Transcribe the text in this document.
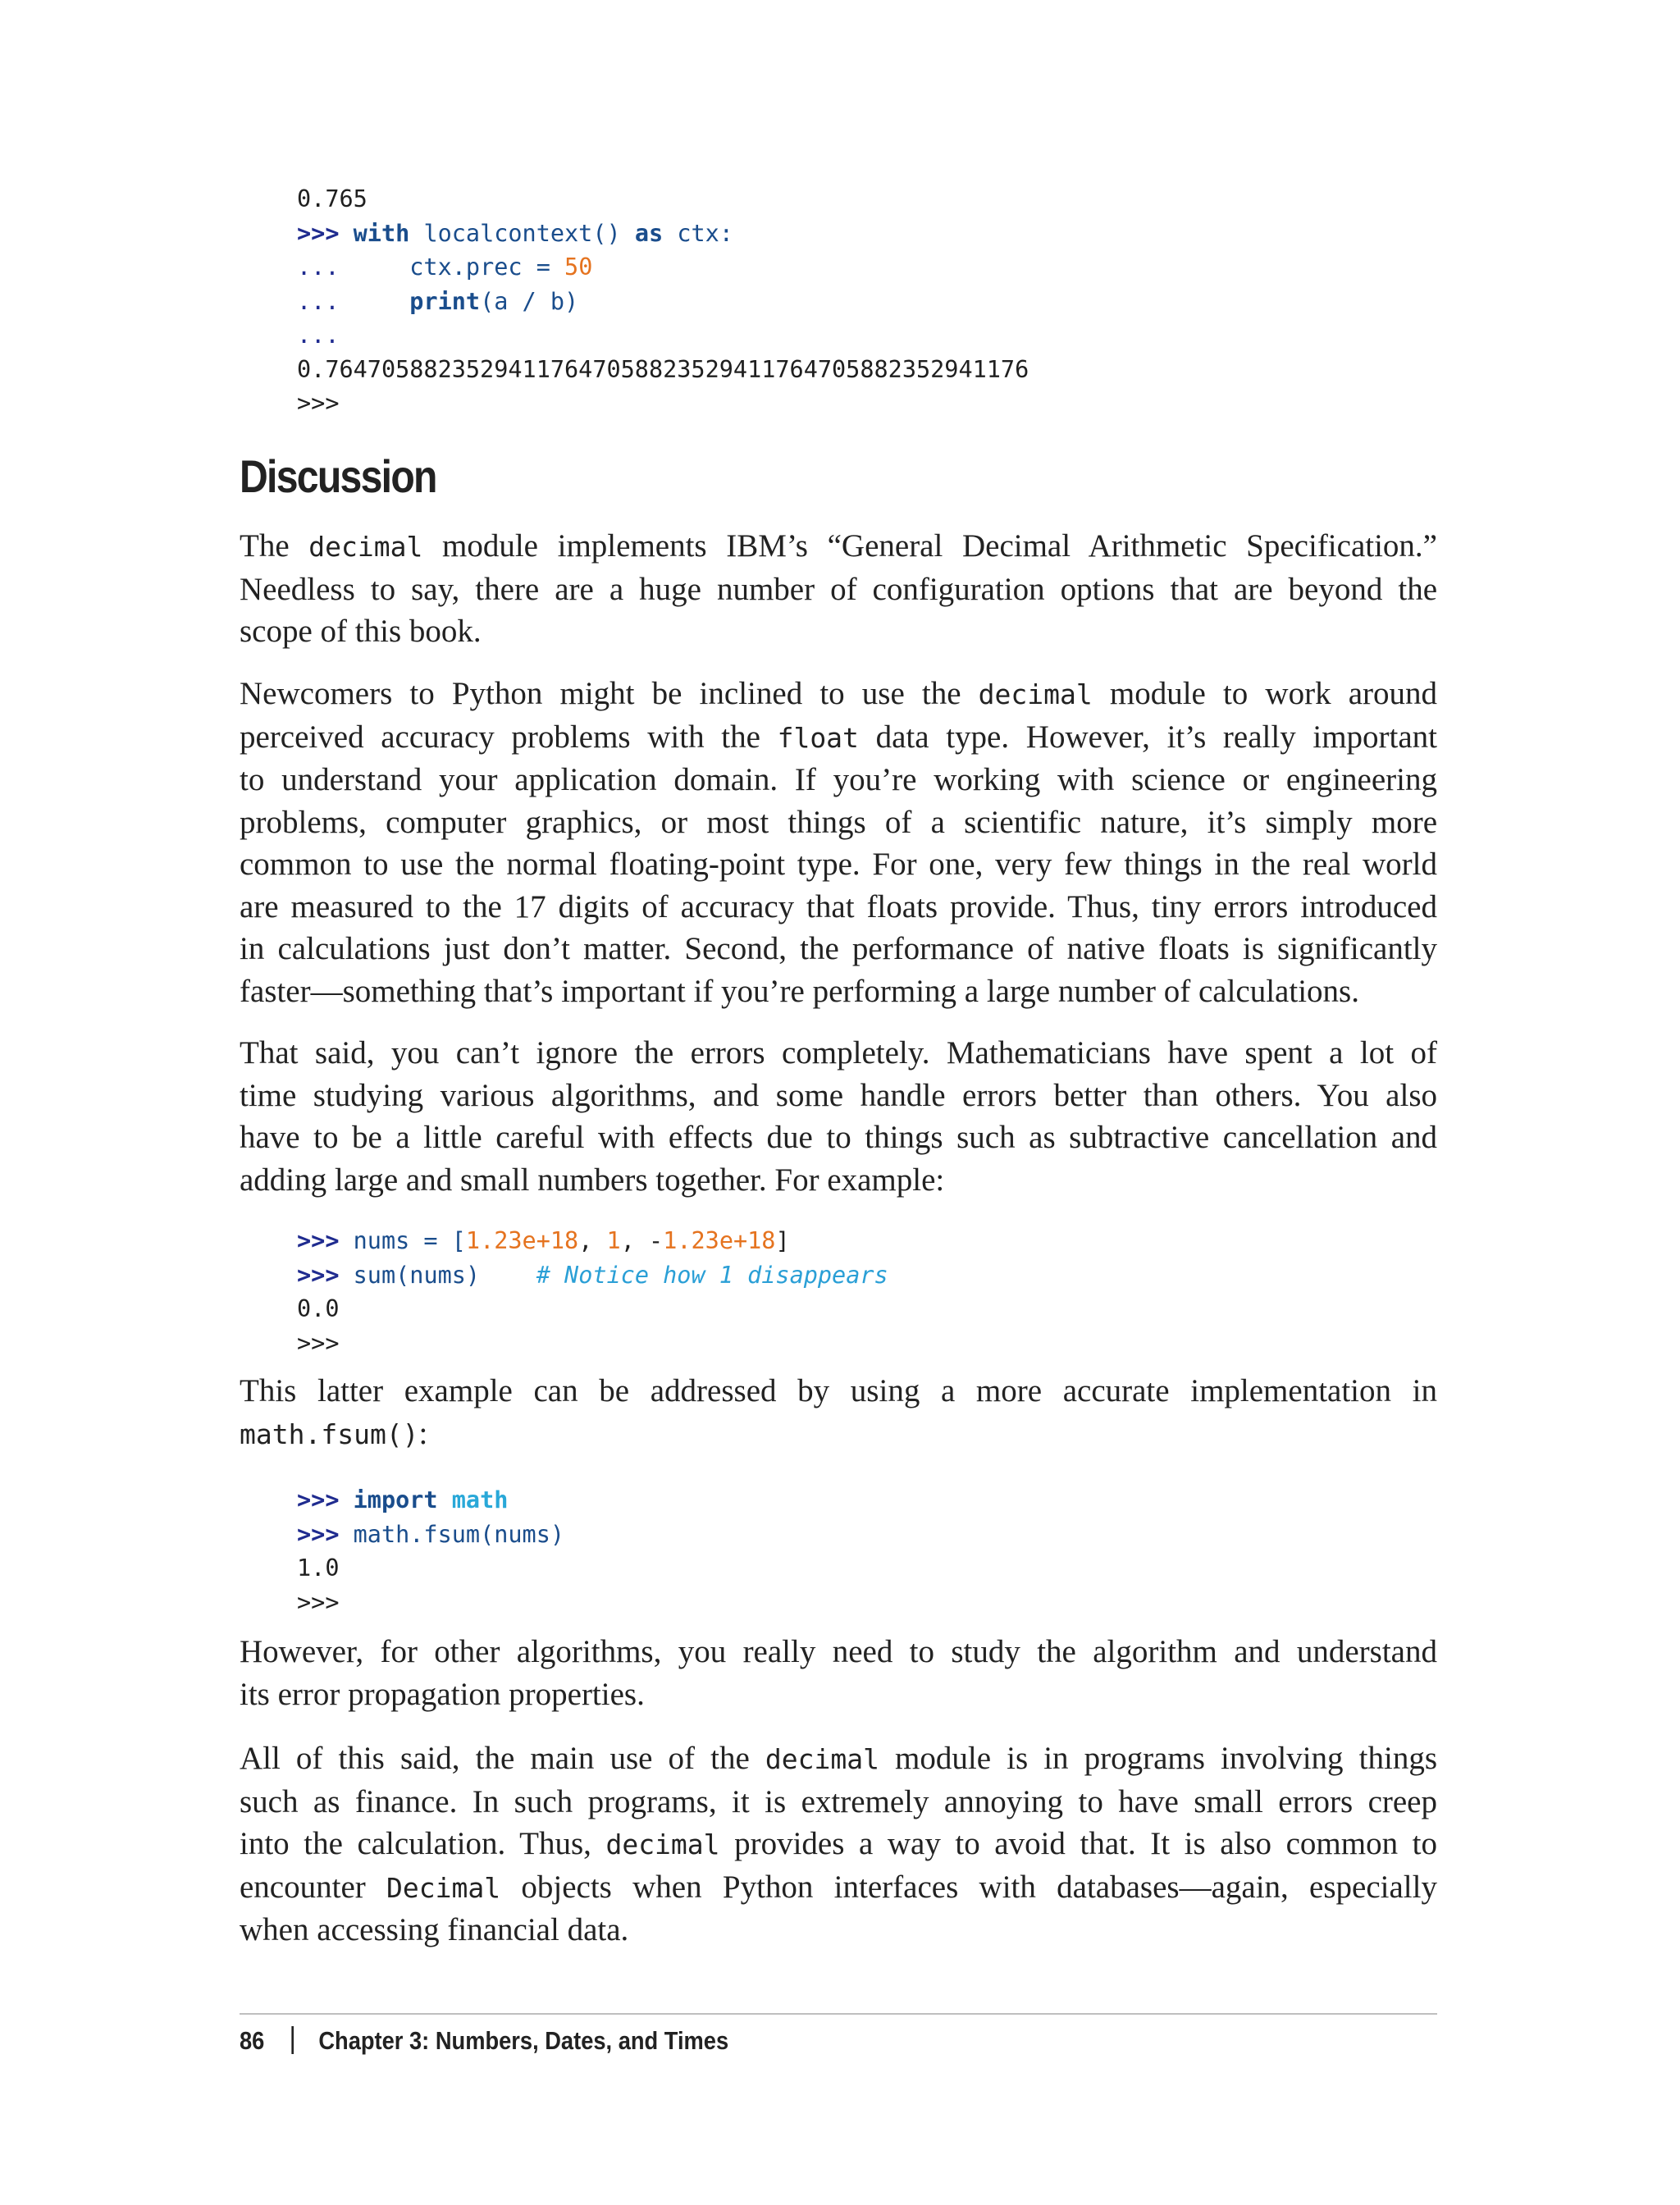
0.765
>>> with localcontext() as ctx:
...     ctx.prec = 50
...	print(a / b)
...
0.76470588235294117647058823529411764705882352941176
>>>
Discussion

The decimal module implements IBM’s “General Decimal Arithmetic Specification.”
Needless to say, there are a huge number of configuration options that are beyond the
scope of this book.

Newcomers to Python might be inclined to use the decimal module to work around
perceived accuracy problems with the float data type. However, it’s really important
to understand your application domain. If you’re working with science or engineering
problems, computer graphics, or most things of a scientific nature, it’s simply more
common to use the normal floating-point type. For one, very few things in the real world
are measured to the 17 digits of accuracy that floats provide. Thus, tiny errors introduced
in calculations just don’t matter. Second, the performance of native floats is significantly
faster—something that’s important if you’re performing a large number of calculations.

That said, you can’t ignore the errors completely. Mathematicians have spent a lot of
time studying various algorithms, and some handle errors better than others. You also
have to be a little careful with effects due to things such as subtractive cancellation and
adding large and small numbers together. For example:

>>> nums = [1.23e+18, 1, -1.23e+18]
>>> sum(nums)    # Notice how 1 disappears
0.0
>>>

This latter example can be addressed by using a more accurate implementation in
math.fsum():

>>> import math
>>> math.fsum(nums)
1.0
>>>

However, for other algorithms, you really need to study the algorithm and understand
its error propagation properties.

All of this said, the main use of the decimal module is in programs involving things
such as finance. In such programs, it is extremely annoying to have small errors creep
into the calculation. Thus, decimal provides a way to avoid that. It is also common to
encounter Decimal objects when Python interfaces with databases—again, especially
when accessing financial data.

86 Chapter 3: Numbers, Dates, and Times
